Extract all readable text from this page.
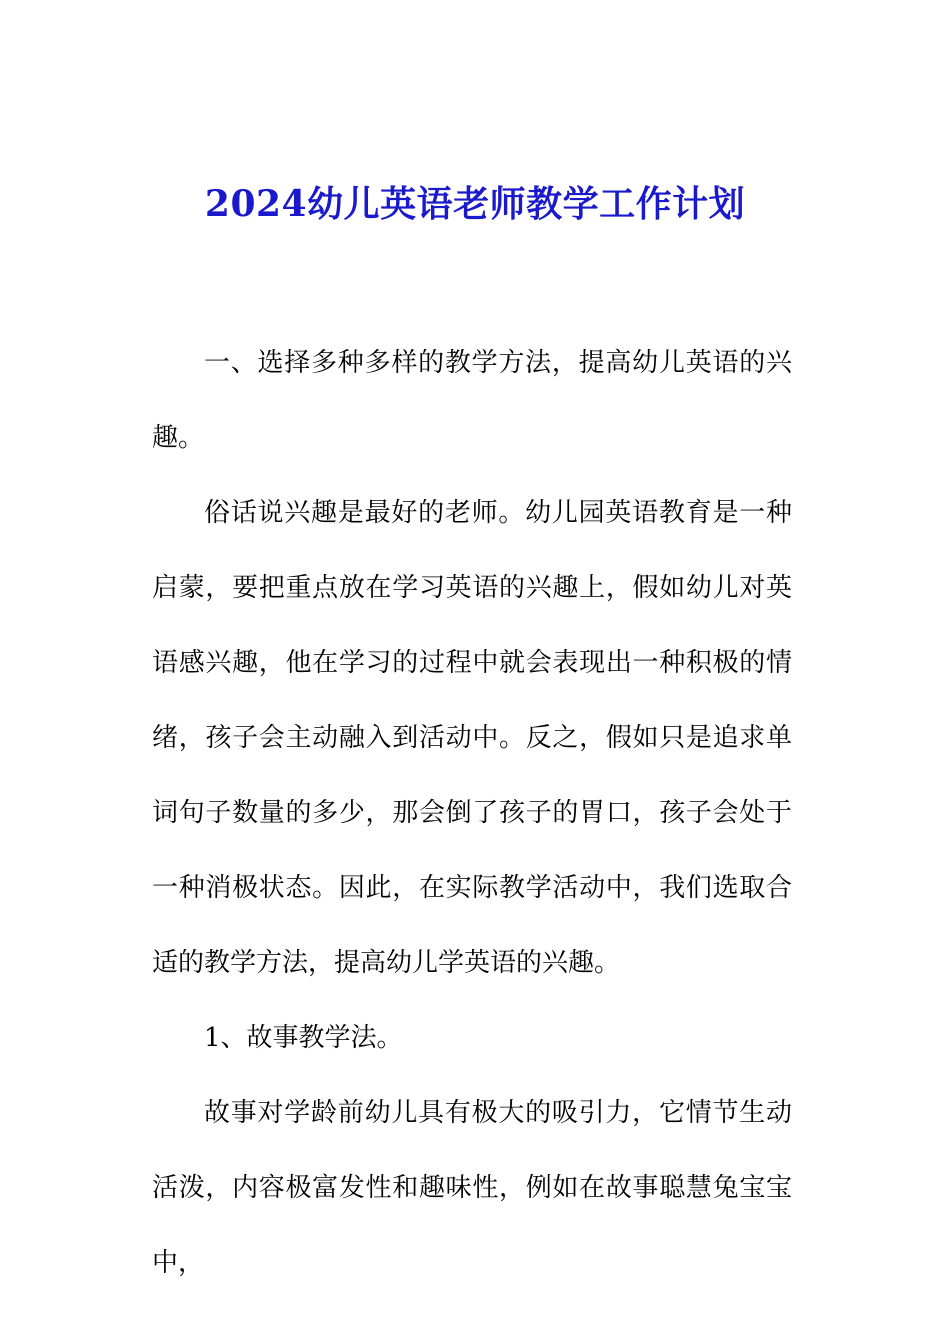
2024幼儿英语老师教学工作计划

一、选择多种多样的教学方法，提高幼儿英语的兴趣。

俗话说兴趣是最好的老师。幼儿园英语教育是一种启蒙，要把重点放在学习英语的兴趣上，假如幼儿对英语感兴趣，他在学习的过程中就会表现出一种积极的情绪，孩子会主动融入到活动中。反之，假如只是追求单词句子数量的多少，那会倒了孩子的胃口，孩子会处于一种消极状态。因此，在实际教学活动中，我们选取合适的教学方法，提高幼儿学英语的兴趣。

1、故事教学法。

故事对学龄前幼儿具有极大的吸引力，它情节生动活泼，内容极富发性和趣味性，例如在故事聪慧兔宝宝中，
